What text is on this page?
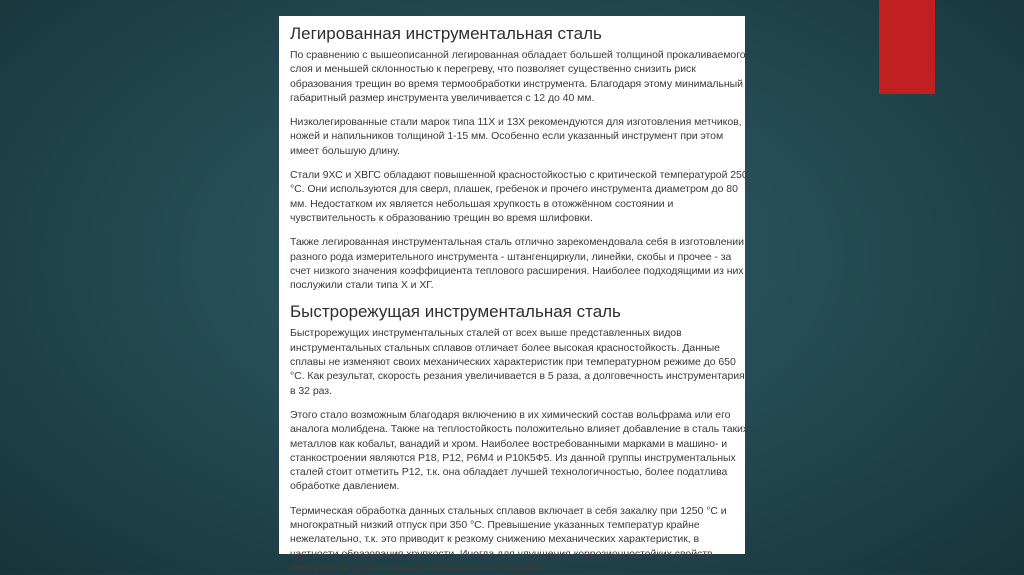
Легированная инструментальная сталь

По сравнению с вышеописанной легированная обладает большей толщиной прокаливаемого
слоя и меньшей склонностью к перегреву, что позволяет существенно снизить риск
образования трещин во время термообработки инструмента. Благодаря этому минимальный
габаритный размер инструмента увеличивается с 12 до 40 мм.

Низколегированные стали марок типа 11Х и 13Х рекомендуются для изготовления метчиков,
ножей и напильников толщиной 1-15 мм. Особенно если указанный инструмент при этом
имеет большую длину.

Стали 9ХС и ХВГС обладают повышенной красностойкостью с критической температурой 250
°С. Они используются для сверл, плашек, гребенок и прочего инструмента диаметром до 80
мм. Недостатком их является небольшая хрупкость в отожжённом состоянии и
чувствительность к образованию трещин во время шлифовки.

Также легированная инструментальная сталь отлично зарекомендовала себя в изготовлении
разного рода измерительного инструмента - штангенциркули, линейки, скобы и прочее - за
счет низкого значения коэффициента теплового расширения. Наиболее подходящими из них
послужили стали типа Х и ХГ.

Быстрорежущая инструментальная сталь

Быстрорежущих инструментальных сталей от всех выше представленных видов
инструментальных стальных сплавов отличает более высокая красностойкость. Данные
сплавы не изменяют своих механических характеристик при температурном режиме до 650
°С. Как результат, скорость резания увеличивается в 5 раза, а долговечность инструментария
в 32 раз.

Этого стало возможным благодаря включению в их химический состав вольфрама или его
аналога молибдена. Также на теплостойкость положительно влияет добавление в сталь таких
металлов как кобальт, ванадий и хром. Наиболее востребованными марками в машино- и
станкостроении являются Р18, Р12, Р6М4 и Р10К5Ф5. Из данной группы инструментальных
сталей стоит отметить Р12, т.к. она обладает лучшей технологичностью, более податлива
обработке давлением.

Термическая обработка данных стальных сплавов включает в себя закалку при 1250 °С и
многократный низкий отпуск при 350 °С. Превышение указанных температур крайне
нежелательно, т.к. это приводит к резкому снижению механических характеристик, в
частности образования хрупкости. Иногда для улучшения коррозионностойких свойств
быстрорезы дополнительно обрабатываются паром.
